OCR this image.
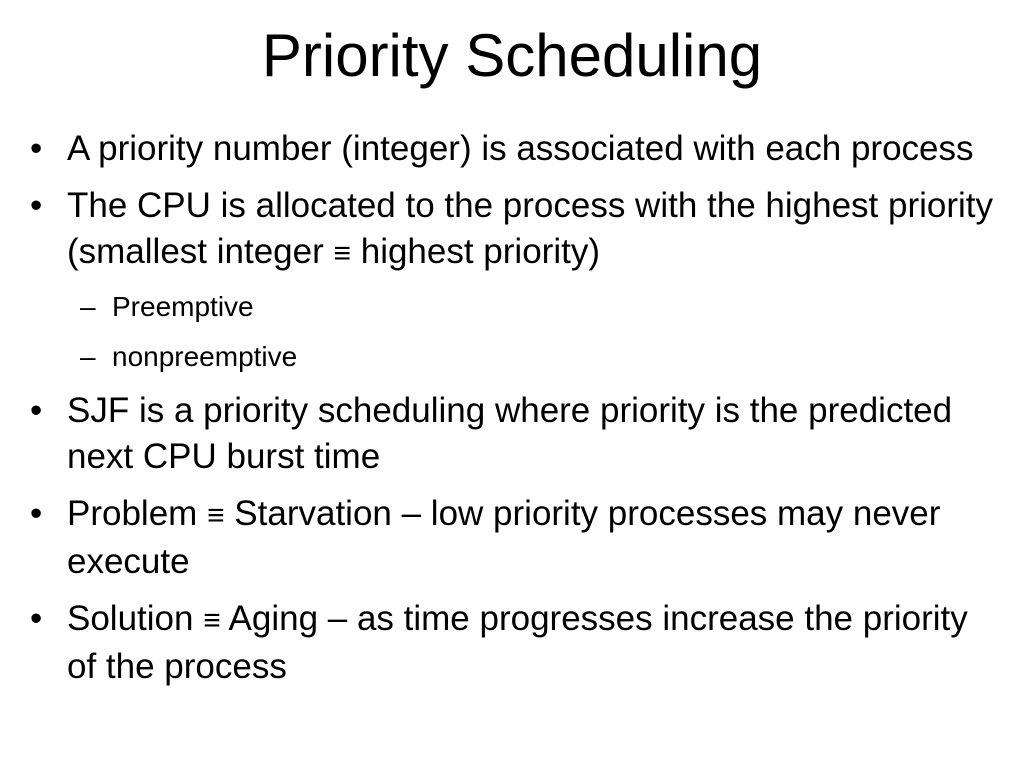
Priority Scheduling
• A priority number (integer) is associated with each process
• The CPU is allocated to the process with the highest priority (smallest integer ≡ highest priority)
– Preemptive
– nonpreemptive
• SJF is a priority scheduling where priority is the predicted next CPU burst time
• Problem ≡ Starvation – low priority processes may never execute
• Solution ≡ Aging – as time progresses increase the priority of the process
